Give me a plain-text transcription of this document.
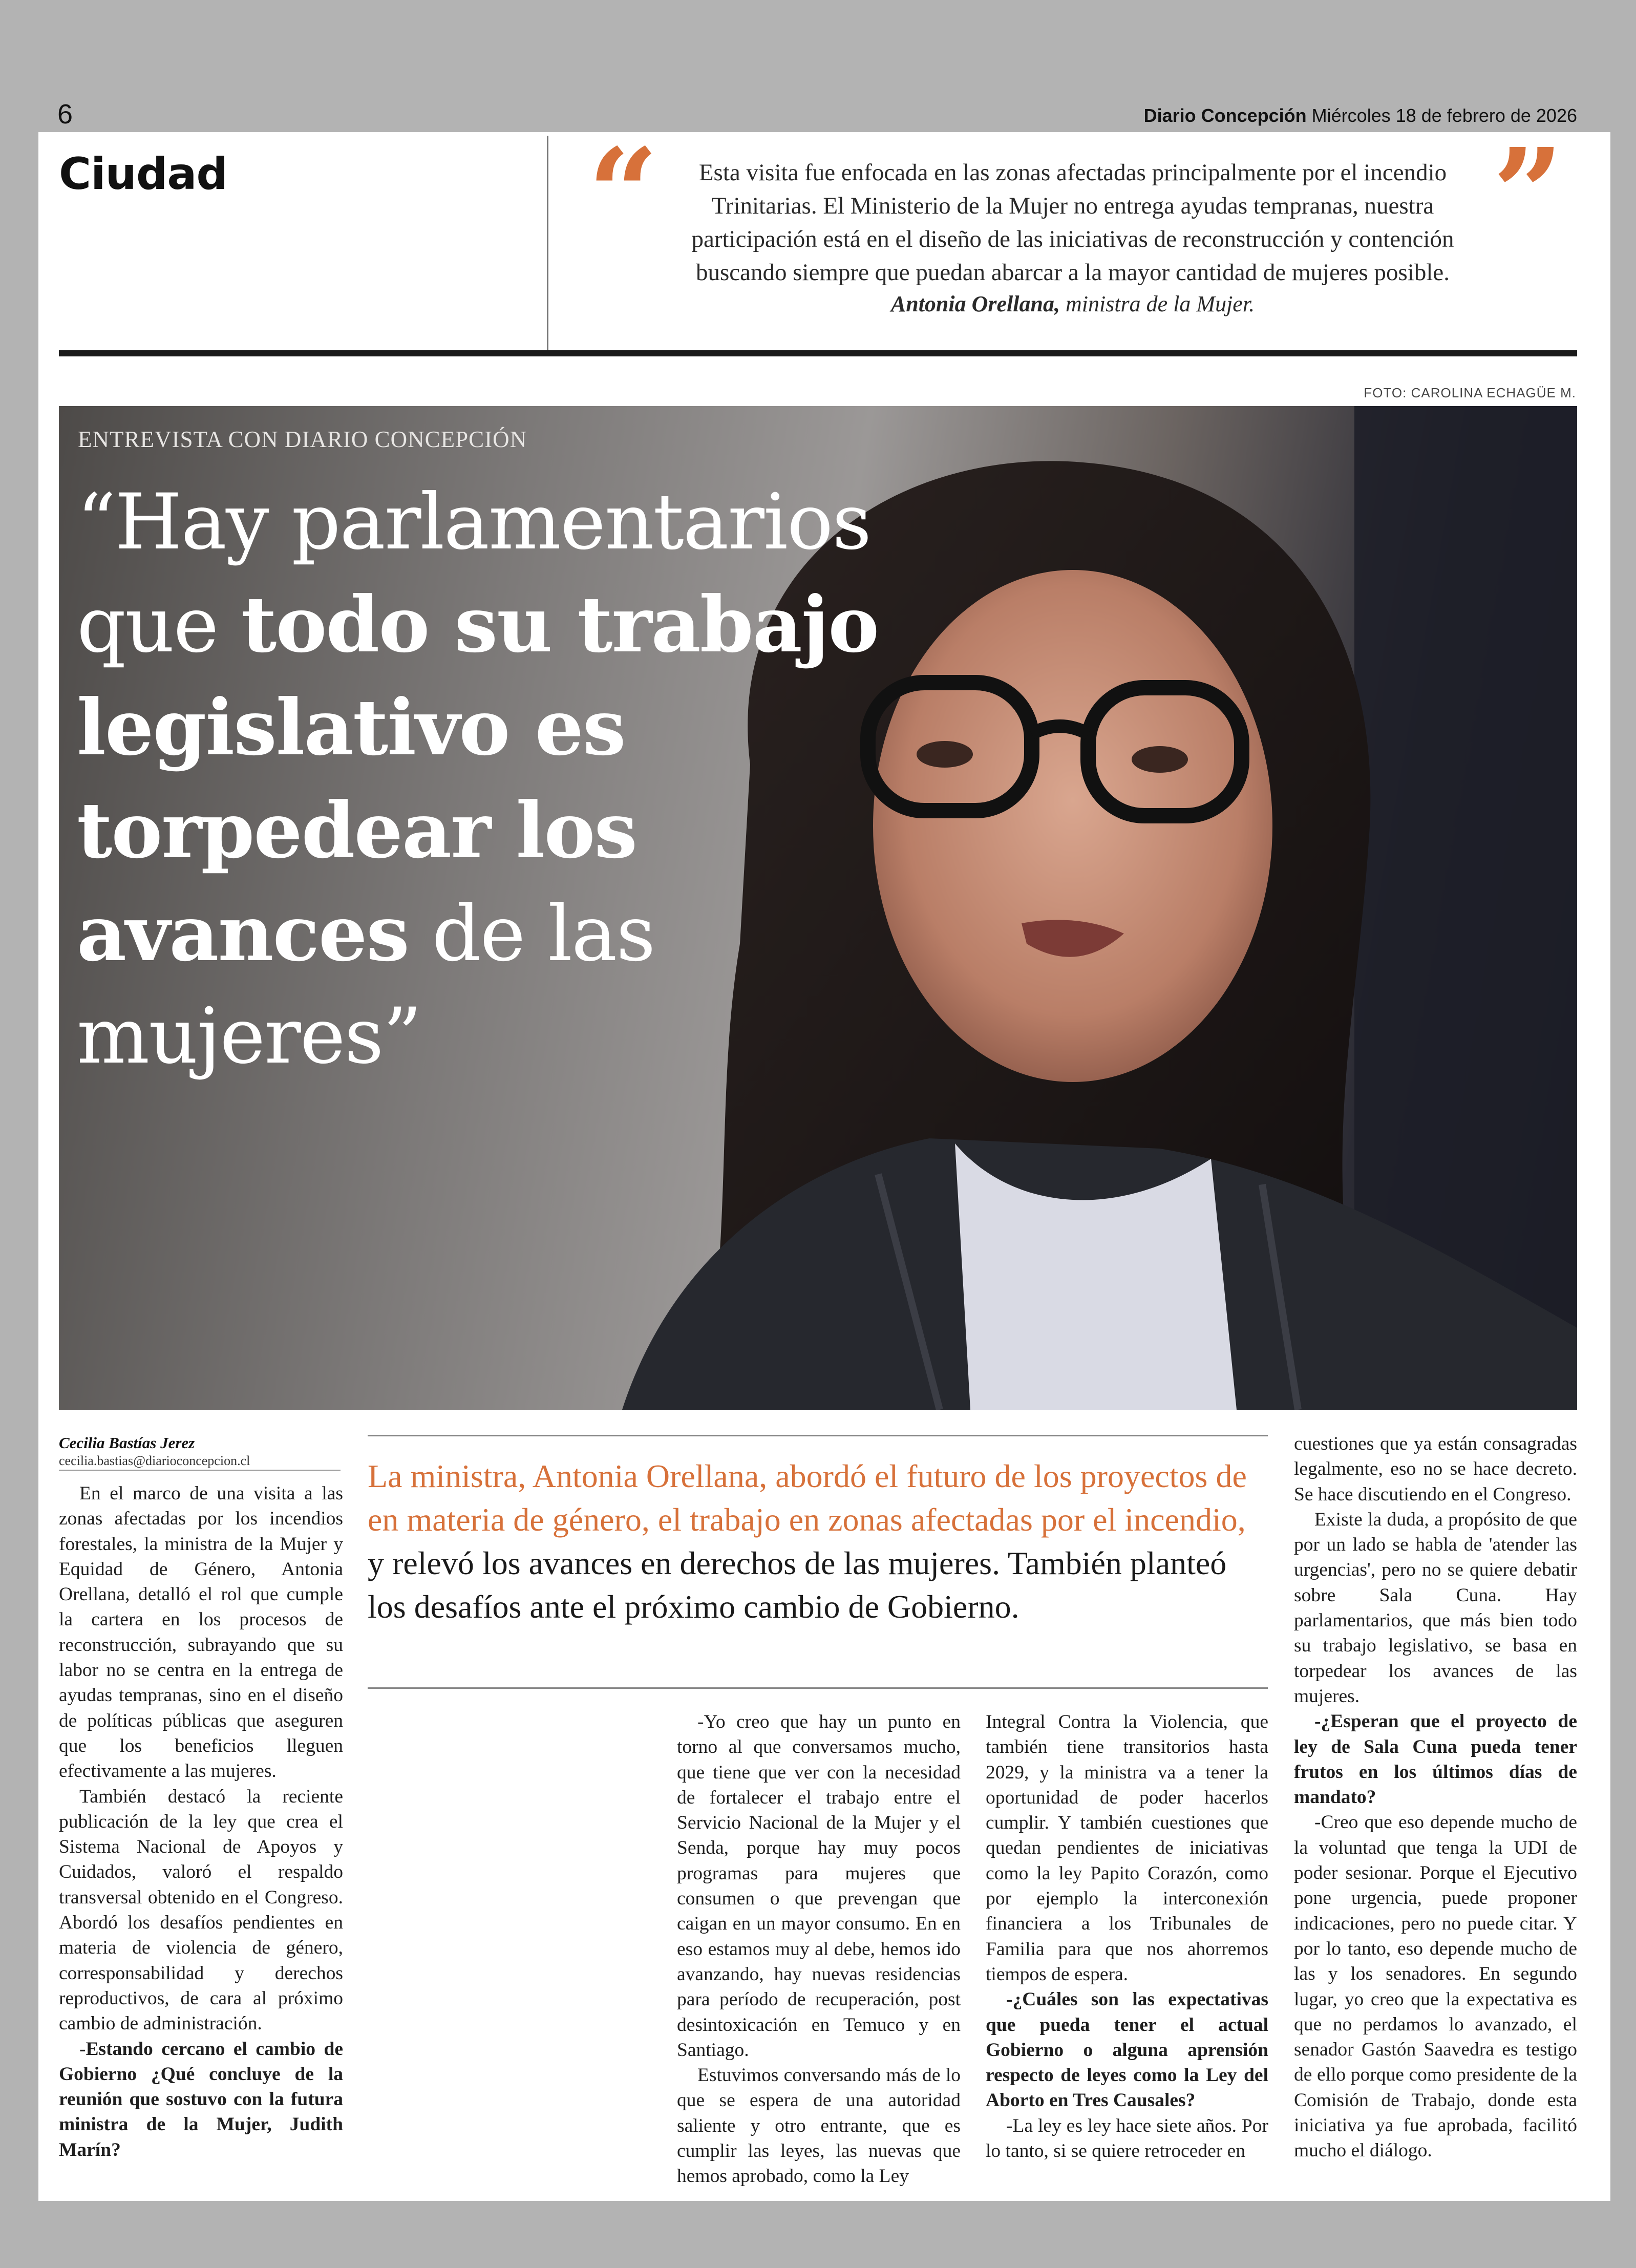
6	Diario Concepción Miércoles 18 de febrero de 2026
Ciudad	“	”
Esta visita fue enfocada en las zonas afectadas principalmente por el incendio Trinitarias. El Ministerio de la Mujer no entrega ayudas tempranas, nuestra participación está en el diseño de las iniciativas de reconstrucción y contención buscando siempre que puedan abarcar a la mayor cantidad de mujeres posible.
Antonia Orellana, ministra de la Mujer.
FOTO: CAROLINA ECHAGÜE M.
ENTREVISTA CON DIARIO CONCEPCIÓN
“Hay parlamentarios que todo su trabajo legislativo es torpedear los avances de las mujeres”
Cecilia Bastías Jerez
cecilia.bastias@diarioconcepcion.cl

En el marco de una visita a las zonas afectadas por los incendios forestales, la ministra de la Mujer y Equidad de Género, Antonia Orellana, detalló el rol que cumple la cartera en los procesos de reconstrucción, subrayando que su labor no se centra en la entrega de ayudas tempranas, sino en el diseño de políticas públicas que aseguren que los beneficios lleguen efectivamente a las mujeres.

También destacó la reciente publicación de la ley que crea el Sistema Nacional de Apoyos y Cuidados, valoró el respaldo transversal obtenido en el Congreso. Abordó los desafíos pendientes en materia de violencia de género, corresponsabilidad y derechos reproductivos, de cara al próximo cambio de administración.

-Estando cercano el cambio de Gobierno ¿Qué concluye de la reunión que sostuvo con la futura ministra de la Mujer, Judith Marín?

La ministra, Antonia Orellana, abordó el futuro de los proyectos de en materia de género, el trabajo en zonas afectadas por el incendio, y relevó los avances en derechos de las mujeres. También planteó los desafíos ante el próximo cambio de Gobierno.

-Yo creo que hay un punto en torno al que conversamos mucho, que tiene que ver con la necesidad de fortalecer el trabajo entre el Servicio Nacional de la Mujer y el Senda, porque hay muy pocos programas para mujeres que consumen o que prevengan que caigan en un mayor consumo. En en eso estamos muy al debe, hemos ido avanzando, hay nuevas residencias para período de recuperación, post desintoxicación en Temuco y en Santiago.

Estuvimos conversando más de lo que se espera de una autoridad saliente y otro entrante, que es cumplir las leyes, las nuevas que hemos aprobado, como la Ley

Integral Contra la Violencia, que también tiene transitorios hasta 2029, y la ministra va a tener la oportunidad de poder hacerlos cumplir. Y también cuestiones que quedan pendientes de iniciativas como la ley Papito Corazón, como por ejemplo la interconexión financiera a los Tribunales de Familia para que nos ahorremos tiempos de espera.

-¿Cuáles son las expectativas que pueda tener el actual Gobierno o alguna aprensión respecto de leyes como la Ley del Aborto en Tres Causales?

-La ley es ley hace siete años. Por lo tanto, si se quiere retroceder en

cuestiones que ya están consagradas legalmente, eso no se hace decreto. Se hace discutiendo en el Congreso.

Existe la duda, a propósito de que por un lado se habla de 'atender las urgencias', pero no se quiere debatir sobre Sala Cuna. Hay parlamentarios, que más bien todo su trabajo legislativo, se basa en torpedear los avances de las mujeres.

-¿Esperan que el proyecto de ley de Sala Cuna pueda tener frutos en los últimos días de mandato?

-Creo que eso depende mucho de la voluntad que tenga la UDI de poder sesionar. Porque el Ejecutivo pone urgencia, puede proponer indicaciones, pero no puede citar. Y por lo tanto, eso depende mucho de las y los senadores. En segundo lugar, yo creo que la expectativa es que no perdamos lo avanzado, el senador Gastón Saavedra es testigo de ello porque como presidente de la Comisión de Trabajo, donde esta iniciativa ya fue aprobada, facilitó mucho el diálogo.
